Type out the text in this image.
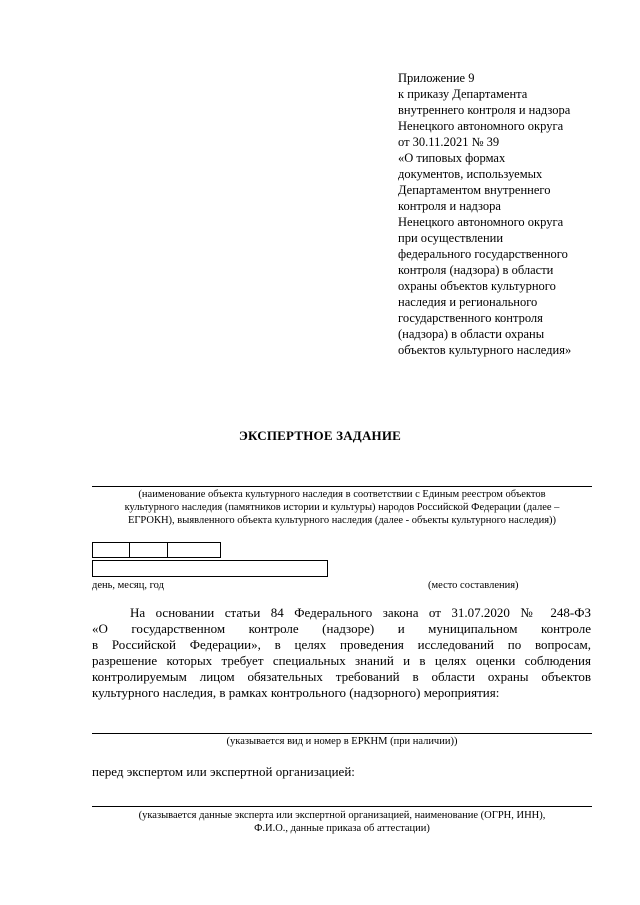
Приложение 9
к приказу Департамента
внутреннего контроля и надзора
Ненецкого автономного округа
от 30.11.2021 № 39
«О типовых формах
документов, используемых
Департаментом внутреннего
контроля и надзора
Ненецкого автономного округа
при осуществлении
федерального государственного
контроля (надзора) в области
охраны объектов культурного
наследия и регионального
государственного контроля
(надзора) в области охраны
объектов культурного наследия»
ЭКСПЕРТНОЕ ЗАДАНИЕ
(наименование объекта культурного наследия в соответствии с Единым реестром объектов
культурного наследия (памятников истории и культуры) народов Российской Федерации (далее –
ЕГРОКН), выявленного объекта культурного наследия (далее - объекты культурного наследия))
день, месяц, год	(место составления)
На основании статьи 84 Федерального закона от 31.07.2020 № 248-ФЗ
«О государственном контроле (надзоре) и муниципальном контроле
в Российской Федерации», в целях проведения исследований по вопросам,
разрешение которых требует специальных знаний и в целях оценки соблюдения
контролируемым лицом обязательных требований в области охраны объектов
культурного наследия, в рамках контрольного (надзорного) мероприятия:
(указывается вид и номер в ЕРКНМ (при наличии))
перед экспертом или экспертной организацией:
(указывается данные эксперта или экспертной организацией, наименование (ОГРН, ИНН),
Ф.И.О., данные приказа об аттестации)
